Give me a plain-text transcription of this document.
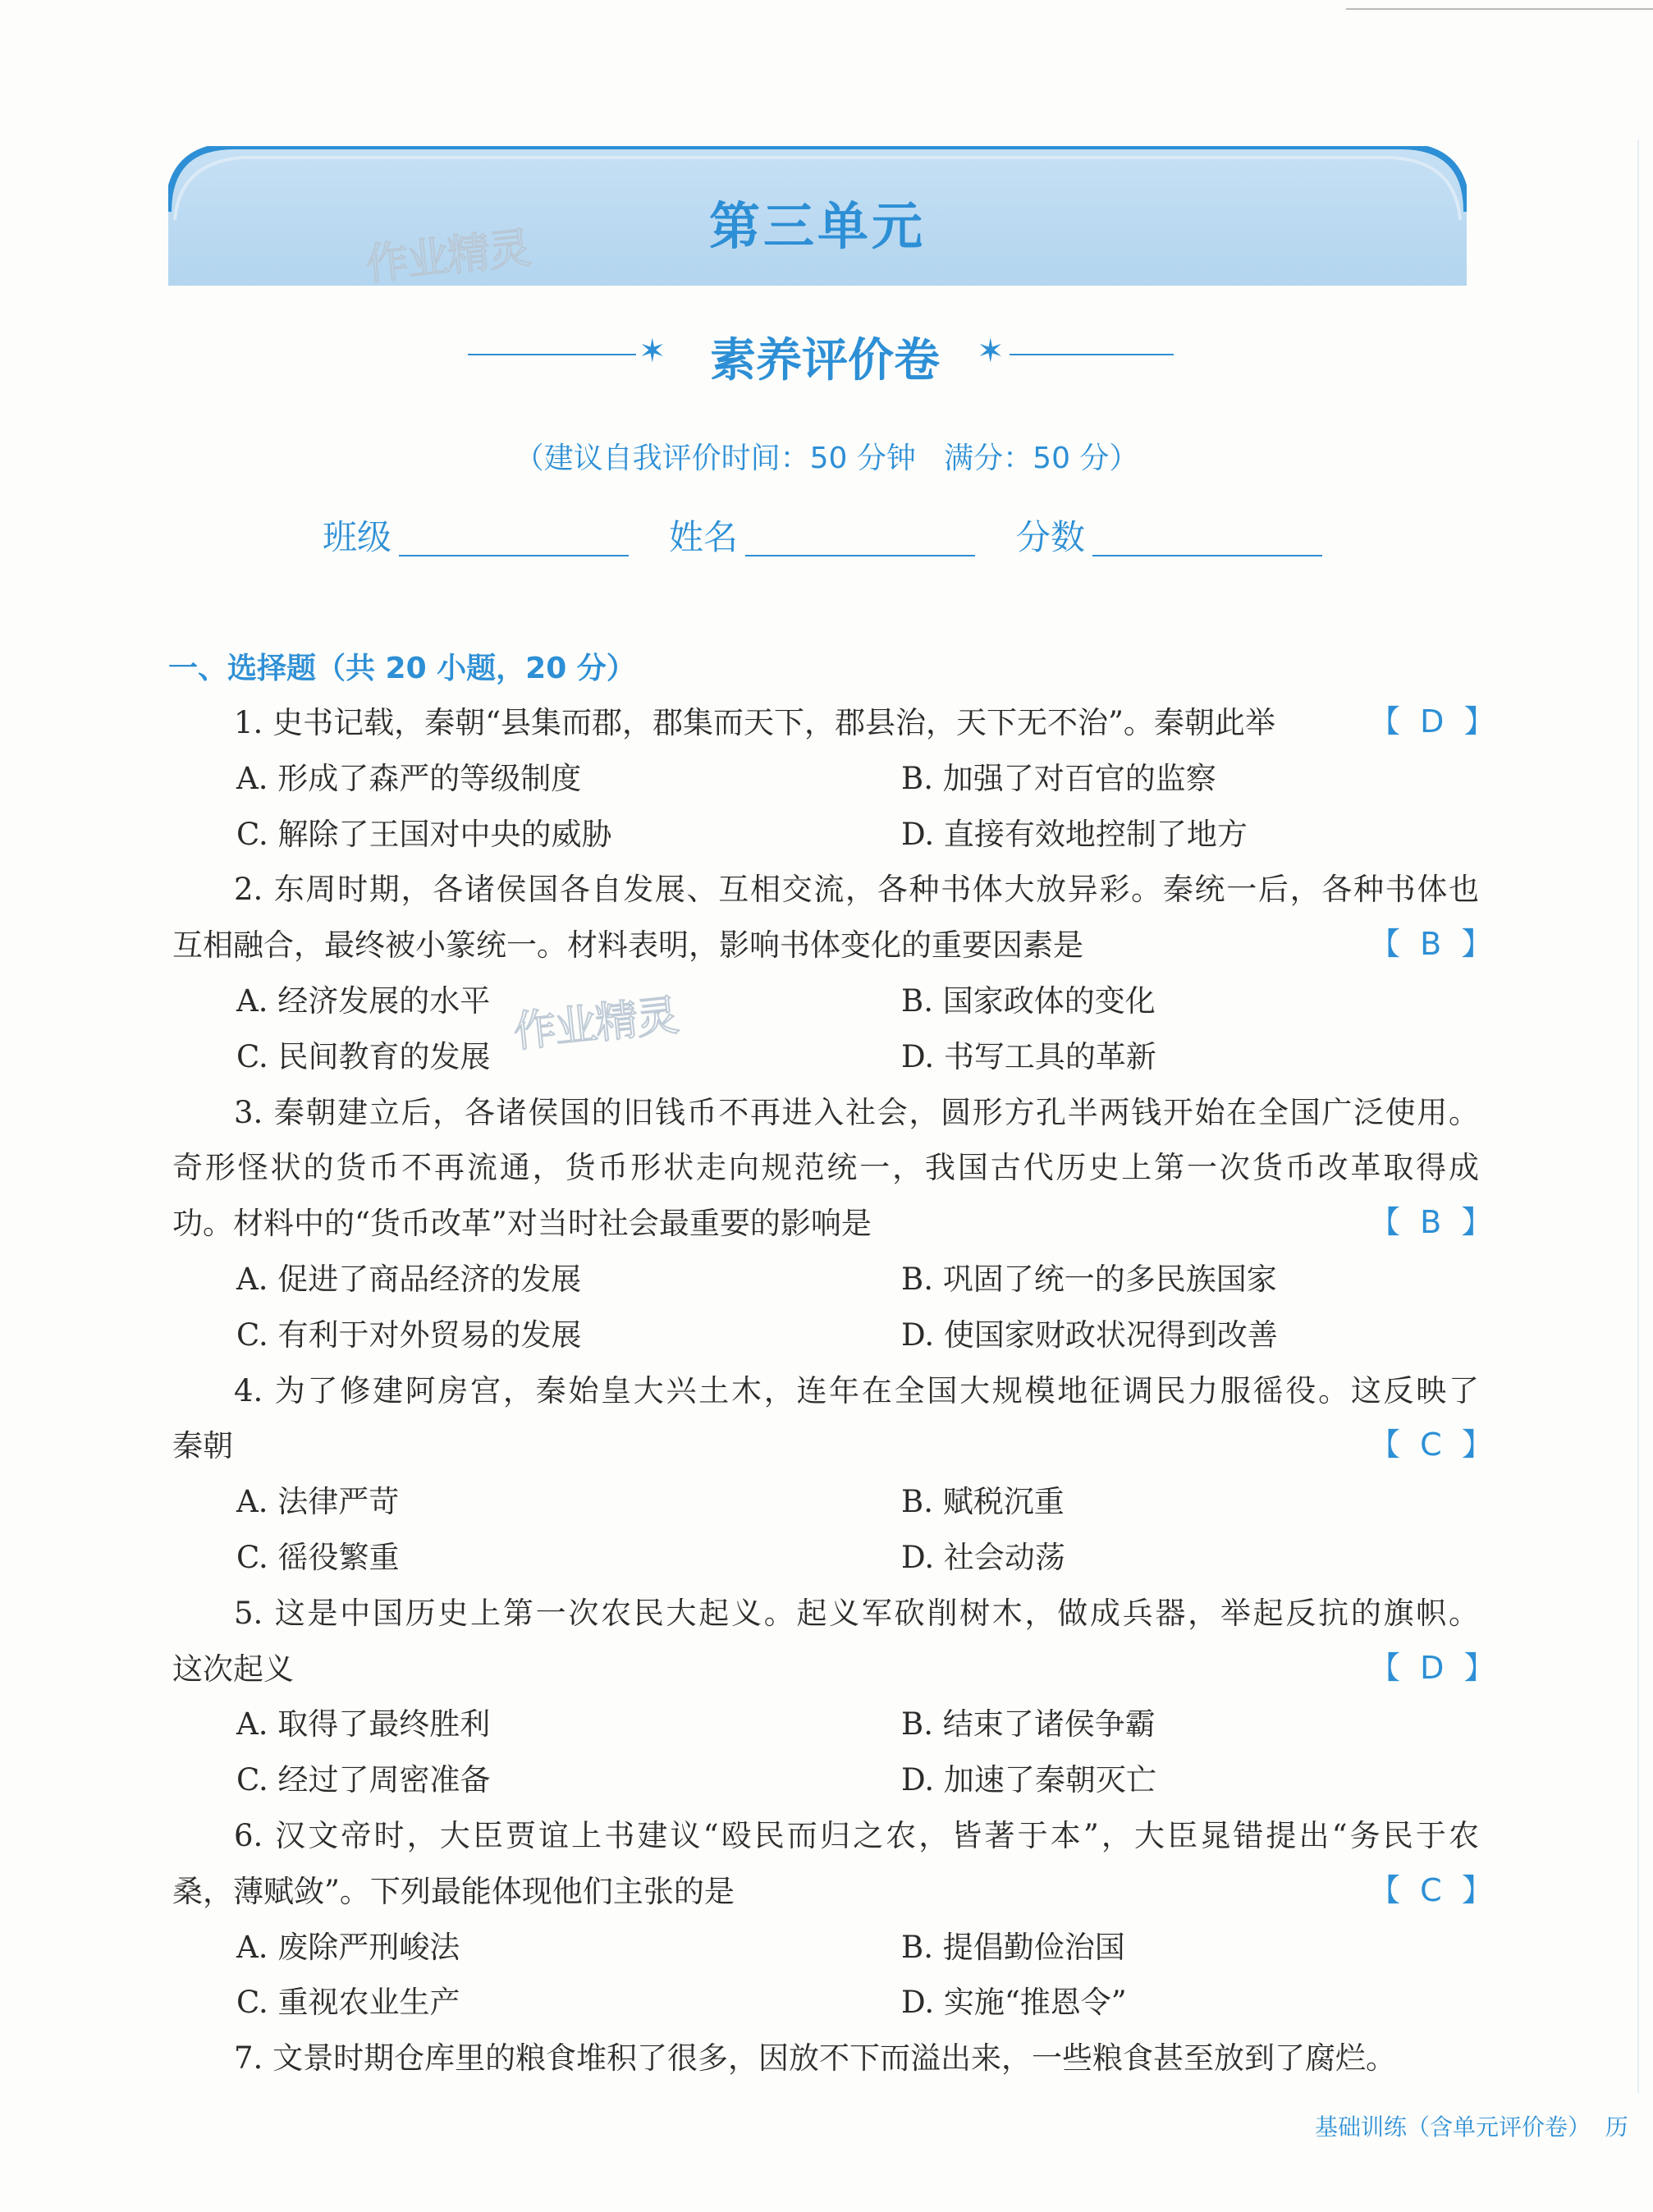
第三单元
作业精灵
作业精灵
✶ 素养评价卷	✶
（建议自我评价时间：50 分钟   满分：50 分）
班级	姓名	分数
一、选择题（共 20 小题，20 分）
1. 史书记载，秦朝“县集而郡，郡集而天下，郡县治，天下无不治”。秦朝此举	【  D  】
A. 形成了森严的等级制度	B. 加强了对百官的监察
C. 解除了王国对中央的威胁	D. 直接有效地控制了地方
2. 东周时期，各诸侯国各自发展、互相交流，各种书体大放异彩。秦统一后，各种书体也
互相融合，最终被小篆统一。材料表明，影响书体变化的重要因素是	【  B  】
A. 经济发展的水平	B. 国家政体的变化
C. 民间教育的发展	D. 书写工具的革新
3. 秦朝建立后，各诸侯国的旧钱币不再进入社会，圆形方孔半两钱开始在全国广泛使用。
奇形怪状的货币不再流通，货币形状走向规范统一，我国古代历史上第一次货币改革取得成
功。材料中的“货币改革”对当时社会最重要的影响是	【  B  】
A. 促进了商品经济的发展	B. 巩固了统一的多民族国家
C. 有利于对外贸易的发展	D. 使国家财政状况得到改善
4. 为了修建阿房宫，秦始皇大兴土木，连年在全国大规模地征调民力服徭役。这反映了
秦朝	【  C  】
A. 法律严苛	B. 赋税沉重
C. 徭役繁重	D. 社会动荡
5. 这是中国历史上第一次农民大起义。起义军砍削树木，做成兵器，举起反抗的旗帜。
这次起义	【  D  】
A. 取得了最终胜利	B. 结束了诸侯争霸
C. 经过了周密准备	D. 加速了秦朝灭亡
6. 汉文帝时，大臣贾谊上书建议“殴民而归之农，皆著于本”，大臣晁错提出“务民于农
桑，薄赋敛”。下列最能体现他们主张的是	【  C  】
A. 废除严刑峻法	B. 提倡勤俭治国
C. 重视农业生产	D. 实施“推恩令”
7. 文景时期仓库里的粮食堆积了很多，因放不下而溢出来，一些粮食甚至放到了腐烂。
基础训练（含单元评价卷）  历
